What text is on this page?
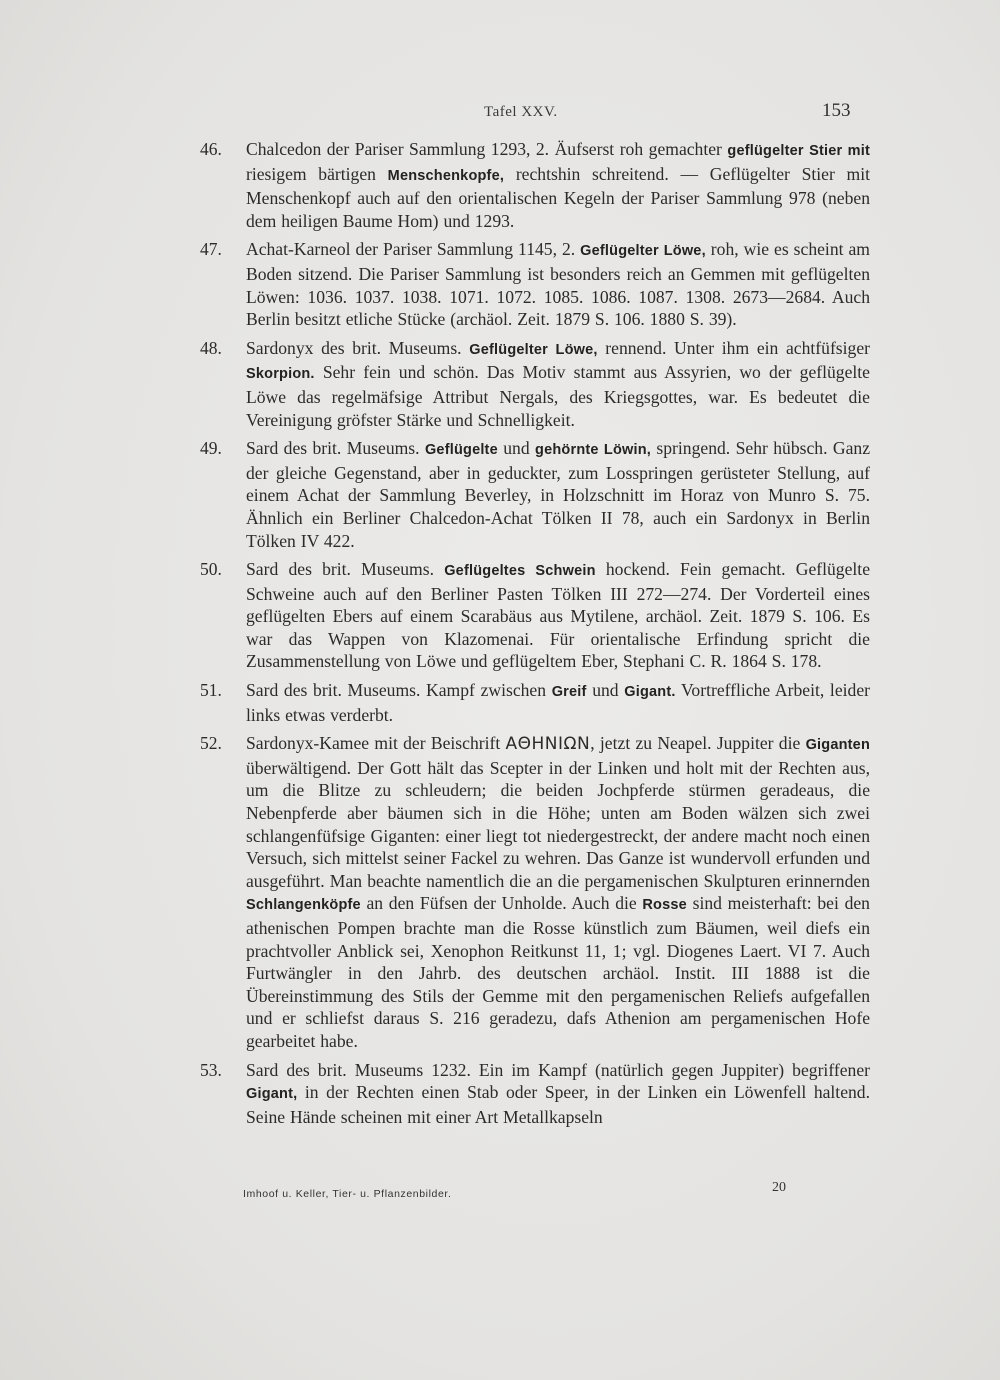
Tafel XXV.	153
46. Chalcedon der Pariser Sammlung 1293, 2. Äufserst roh gemachter geflügelter Stier mit riesigem bärtigen Menschenkopfe, rechtshin schreitend. — Geflügelter Stier mit Menschenkopf auch auf den orientalischen Kegeln der Pariser Sammlung 978 (neben dem heiligen Baume Hom) und 1293.
47. Achat-Karneol der Pariser Sammlung 1145, 2. Geflügelter Löwe, roh, wie es scheint am Boden sitzend. Die Pariser Sammlung ist besonders reich an Gemmen mit geflügelten Löwen: 1036. 1037. 1038. 1071. 1072. 1085. 1086. 1087. 1308. 2673—2684. Auch Berlin besitzt etliche Stücke (archäol. Zeit. 1879 S. 106. 1880 S. 39).
48. Sardonyx des brit. Museums. Geflügelter Löwe, rennend. Unter ihm ein achtfüfsiger Skorpion. Sehr fein und schön. Das Motiv stammt aus Assyrien, wo der geflügelte Löwe das regelmäfsige Attribut Nergals, des Kriegsgottes, war. Es bedeutet die Vereinigung gröfster Stärke und Schnelligkeit.
49. Sard des brit. Museums. Geflügelte und gehörnte Löwin, springend. Sehr hübsch. Ganz der gleiche Gegenstand, aber in geduckter, zum Losspringen gerüsteter Stellung, auf einem Achat der Sammlung Beverley, in Holzschnitt im Horaz von Munro S. 75. Ähnlich ein Berliner Chalcedon-Achat Tölken II 78, auch ein Sardonyx in Berlin Tölken IV 422.
50. Sard des brit. Museums. Geflügeltes Schwein hockend. Fein gemacht. Geflügelte Schweine auch auf den Berliner Pasten Tölken III 272—274. Der Vorderteil eines geflügelten Ebers auf einem Scarabäus aus Mytilene, archäol. Zeit. 1879 S. 106. Es war das Wappen von Klazomenai. Für orientalische Erfindung spricht die Zusammenstellung von Löwe und geflügeltem Eber, Stephani C. R. 1864 S. 178.
51. Sard des brit. Museums. Kampf zwischen Greif und Gigant. Vortreffliche Arbeit, leider links etwas verderbt.
52. Sardonyx-Kamee mit der Beischrift ΑΘΗΝΙΩΝ, jetzt zu Neapel. Juppiter die Giganten überwältigend. Der Gott hält das Scepter in der Linken und holt mit der Rechten aus, um die Blitze zu schleudern; die beiden Jochpferde stürmen geradeaus, die Nebenpferde aber bäumen sich in die Höhe; unten am Boden wälzen sich zwei schlangenfüfsige Giganten: einer liegt tot niedergestreckt, der andere macht noch einen Versuch, sich mittelst seiner Fackel zu wehren. Das Ganze ist wundervoll erfunden und ausgeführt. Man beachte namentlich die an die pergamenischen Skulpturen erinnernden Schlangenköpfe an den Füfsen der Unholde. Auch die Rosse sind meisterhaft: bei den athenischen Pompen brachte man die Rosse künstlich zum Bäumen, weil diefs ein prachtvoller Anblick sei, Xenophon Reitkunst 11, 1; vgl. Diogenes Laert. VI 7. Auch Furtwängler in den Jahrb. des deutschen archäol. Instit. III 1888 ist die Übereinstimmung des Stils der Gemme mit den pergamenischen Reliefs aufgefallen und er schliefst daraus S. 216 geradezu, dafs Athenion am pergamenischen Hofe gearbeitet habe.
53. Sard des brit. Museums 1232. Ein im Kampf (natürlich gegen Juppiter) begriffener Gigant, in der Rechten einen Stab oder Speer, in der Linken ein Löwenfell haltend. Seine Hände scheinen mit einer Art Metallkapseln
Imhoof u. Keller, Tier- u. Pflanzenbilder.	20
